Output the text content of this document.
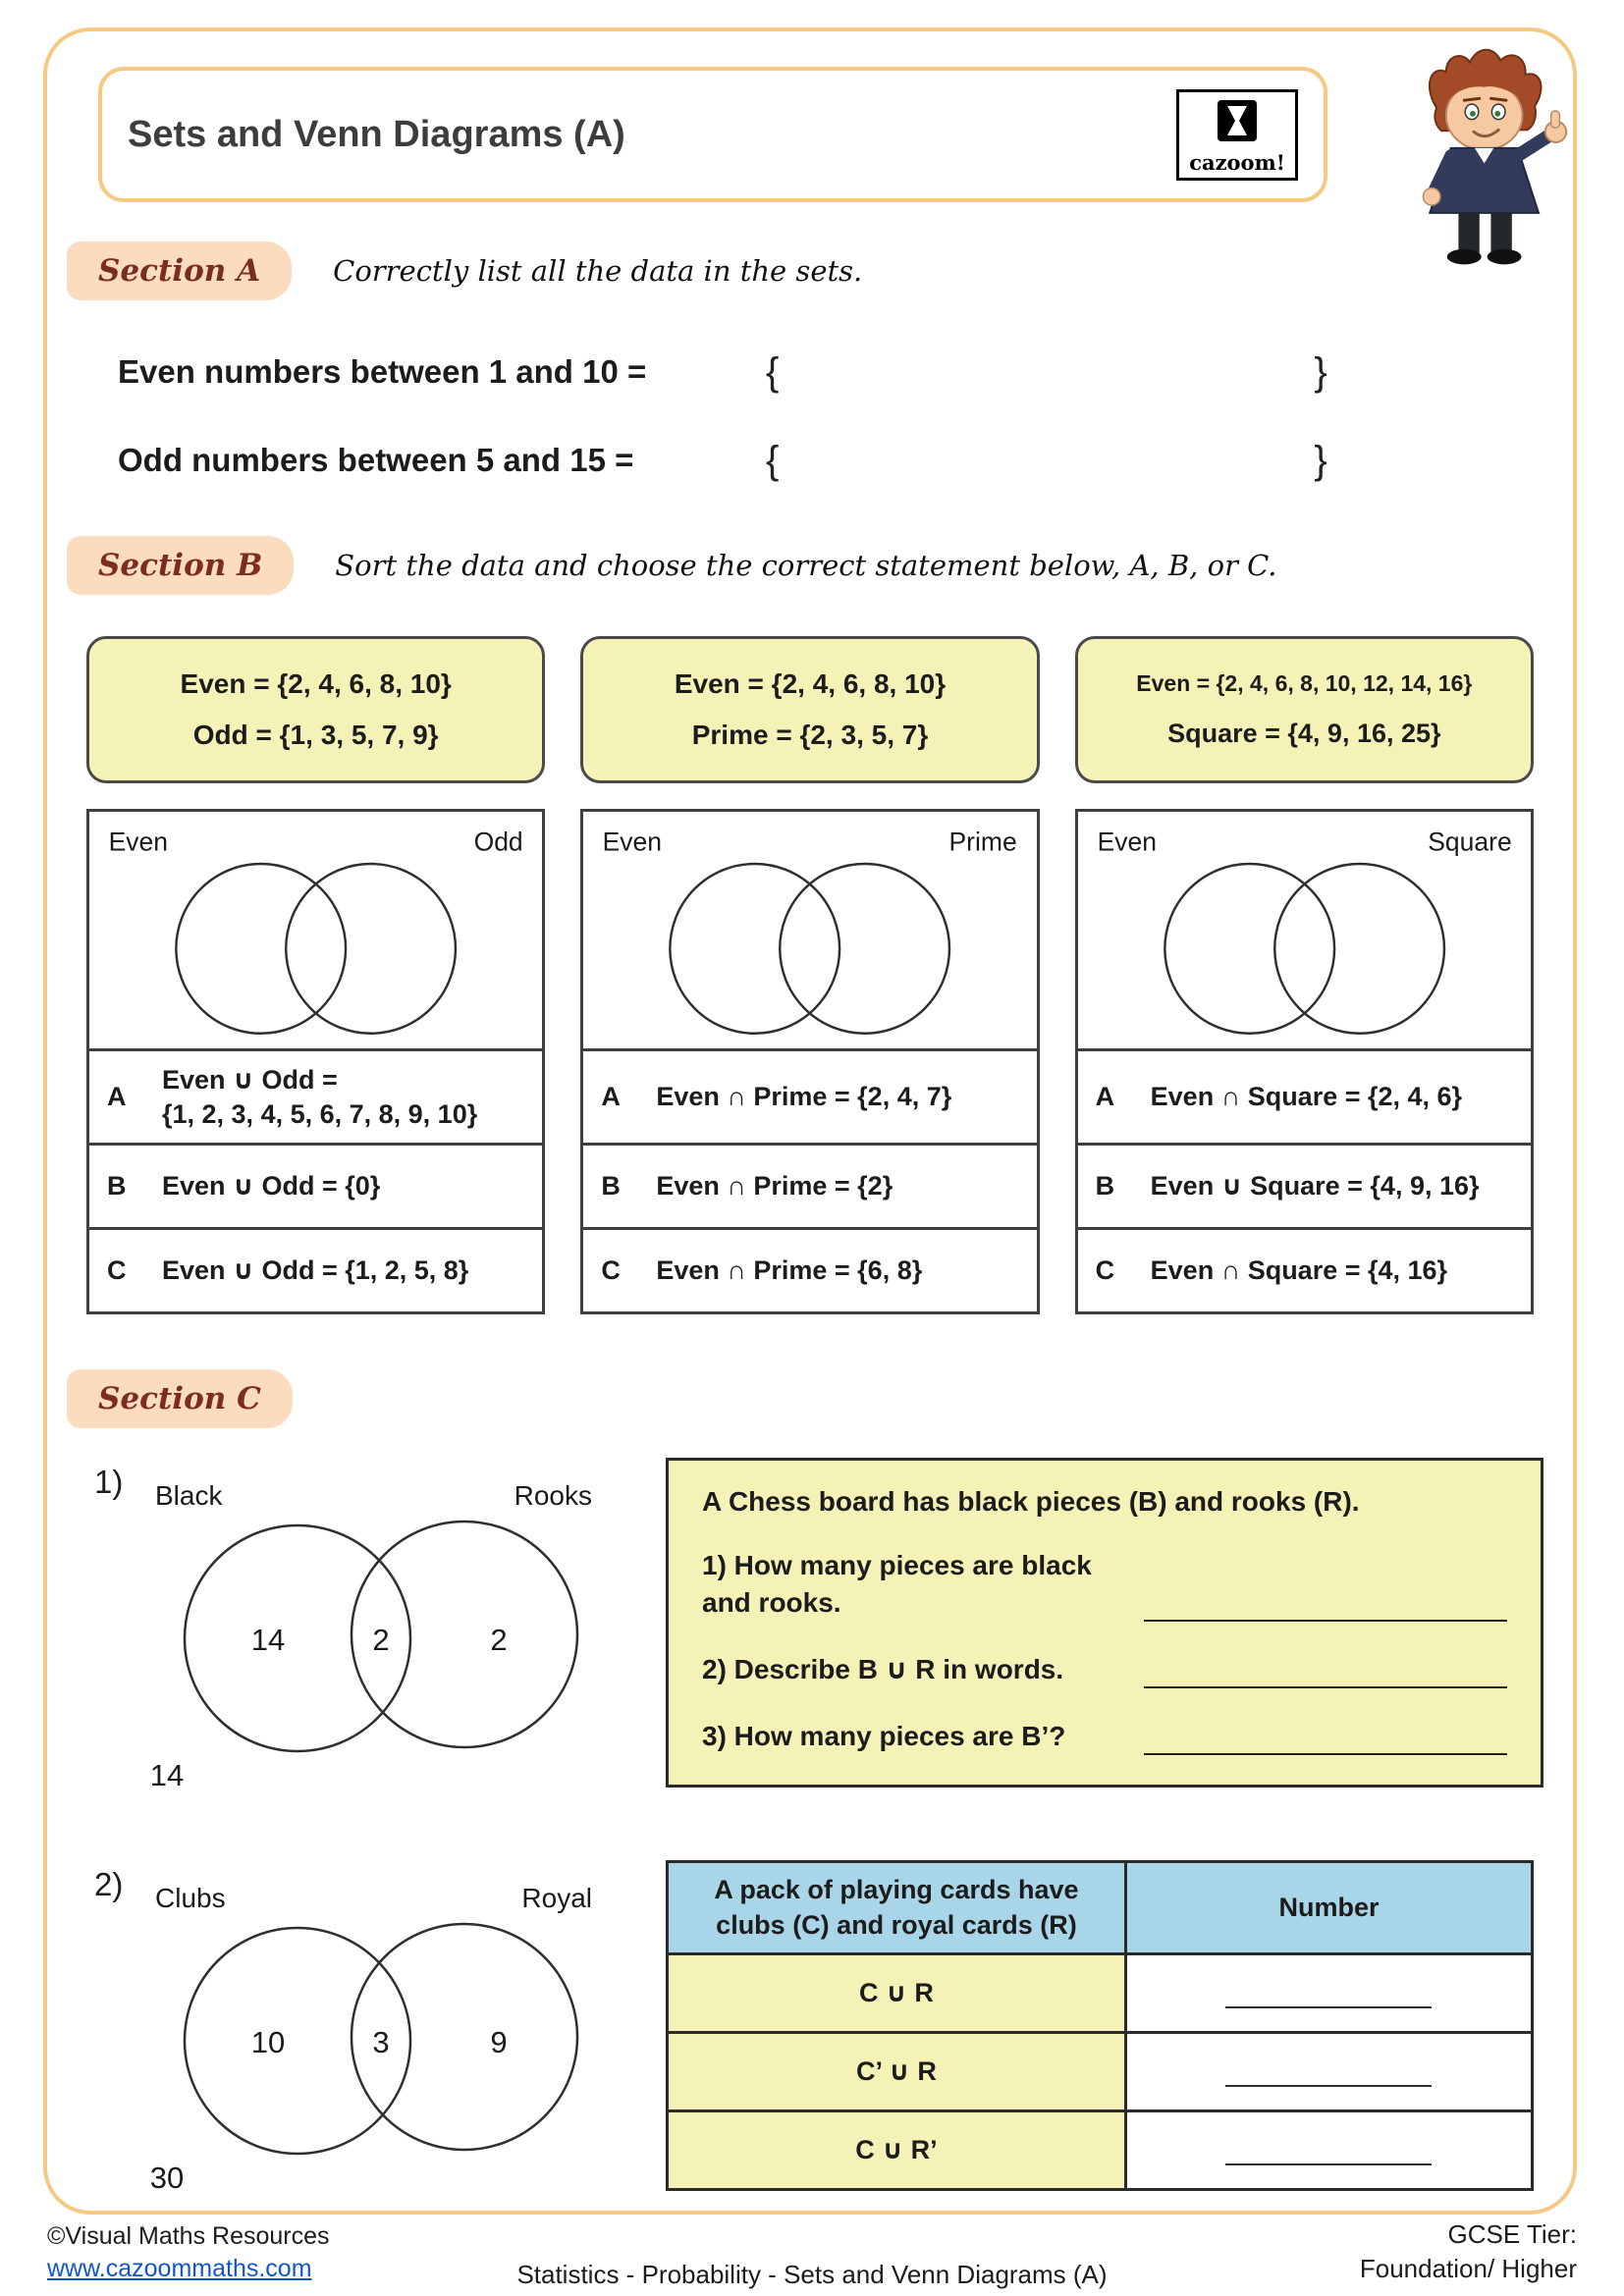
Sets and Venn Diagrams (A)
cazoom!
Section A	Correctly list all the data in the sets.
Even numbers between 1 and 10 =	{	}
Odd numbers between 5 and 15 =	{	}
Section B	Sort the data and choose the correct statement below, A, B, or C.
Even = {2, 4, 6, 8, 10}
Odd = {1, 3, 5, 7, 9}
Even	Odd
A
Even ∪ Odd =
{1, 2, 3, 4, 5, 6, 7, 8, 9, 10}
B	Even ∪ Odd = {0}
C	Even ∪ Odd = {1, 2, 5, 8}
Even = {2, 4, 6, 8, 10}
Prime = {2, 3, 5, 7}
Even	Prime
A	Even ∩ Prime = {2, 4, 7}
B	Even ∩ Prime = {2}
C	Even ∩ Prime = {6, 8}
Even = {2, 4, 6, 8, 10, 12, 14, 16}
Square = {4, 9, 16, 25}
Even	Square
A	Even ∩ Square = {2, 4, 6}
B	Even ∪ Square = {4, 9, 16}
C	Even ∩ Square = {4, 16}
Section C
1) Black	Rooks
14	2	2
14
A Chess board has black pieces (B) and rooks (R).
1) How many pieces are black and rooks.
2) Describe B ∪ R in words.
3) How many pieces are B’?
2) Clubs	Royal
10	3	9
30
A pack of playing cards have clubs (C) and royal cards (R)	Number
C ∪ R	

C’ ∪ R	

C ∪ R’	
©Visual Maths Resources
www.cazoommaths.com	Statistics - Probability - Sets and Venn Diagrams (A)
GCSE Tier:
Foundation/ Higher
